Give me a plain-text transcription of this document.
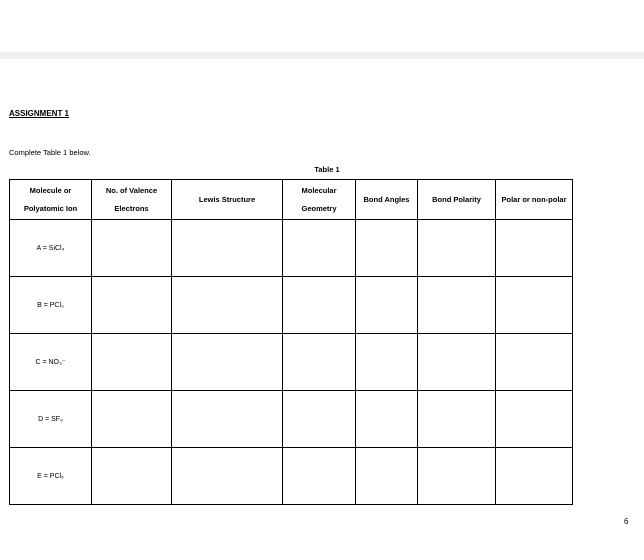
ASSIGNMENT 1
Complete Table 1 below.
Table 1
Molecule or Polyatomic Ion	No. of Valence Electrons	Lewis Structure	Molecular Geometry	Bond Angles	Bond Polarity	Polar or non-polar
A = SiCl₄						
B = PCl₃						
C = NO₃⁻						
D = SF₆						
E = PCl₅						
6
